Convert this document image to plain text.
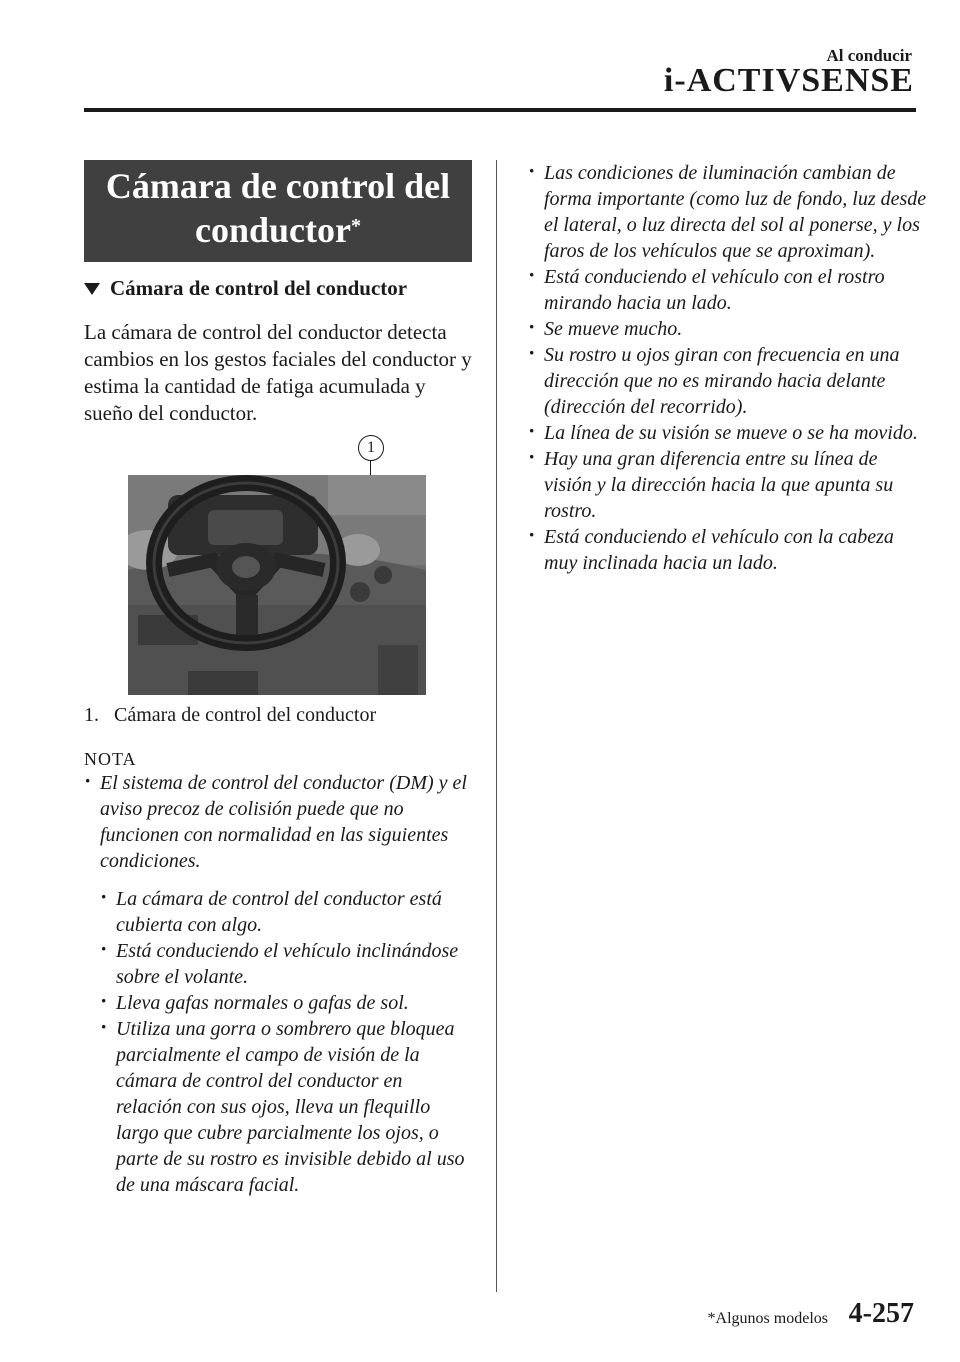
Al conducir
i-ACTIVSENSE
Cámara de control del
conductor*
Cámara de control del conductor
La cámara de control del conductor detecta cambios en los gestos faciales del conductor y estima la cantidad de fatiga acumulada y sueño del conductor.
1
1. Cámara de control del conductor
NOTA
· El sistema de control del conductor (DM) y el aviso precoz de colisión puede que no funcionen con normalidad en las siguientes condiciones.
· La cámara de control del conductor está cubierta con algo.
· Está conduciendo el vehículo inclinándose sobre el volante.
· Lleva gafas normales o gafas de sol.
· Utiliza una gorra o sombrero que bloquea parcialmente el campo de visión de la cámara de control del conductor en relación con sus ojos, lleva un flequillo largo que cubre parcialmente los ojos, o parte de su rostro es invisible debido al uso de una máscara facial.
· Las condiciones de iluminación cambian de forma importante (como luz de fondo, luz desde el lateral, o luz directa del sol al ponerse, y los faros de los vehículos que se aproximan).
· Está conduciendo el vehículo con el rostro mirando hacia un lado.
· Se mueve mucho.
· Su rostro u ojos giran con frecuencia en una dirección que no es mirando hacia delante (dirección del recorrido).
· La línea de su visión se mueve o se ha movido.
· Hay una gran diferencia entre su línea de visión y la dirección hacia la que apunta su rostro.
· Está conduciendo el vehículo con la cabeza muy inclinada hacia un lado.
*Algunos modelos 4-257
